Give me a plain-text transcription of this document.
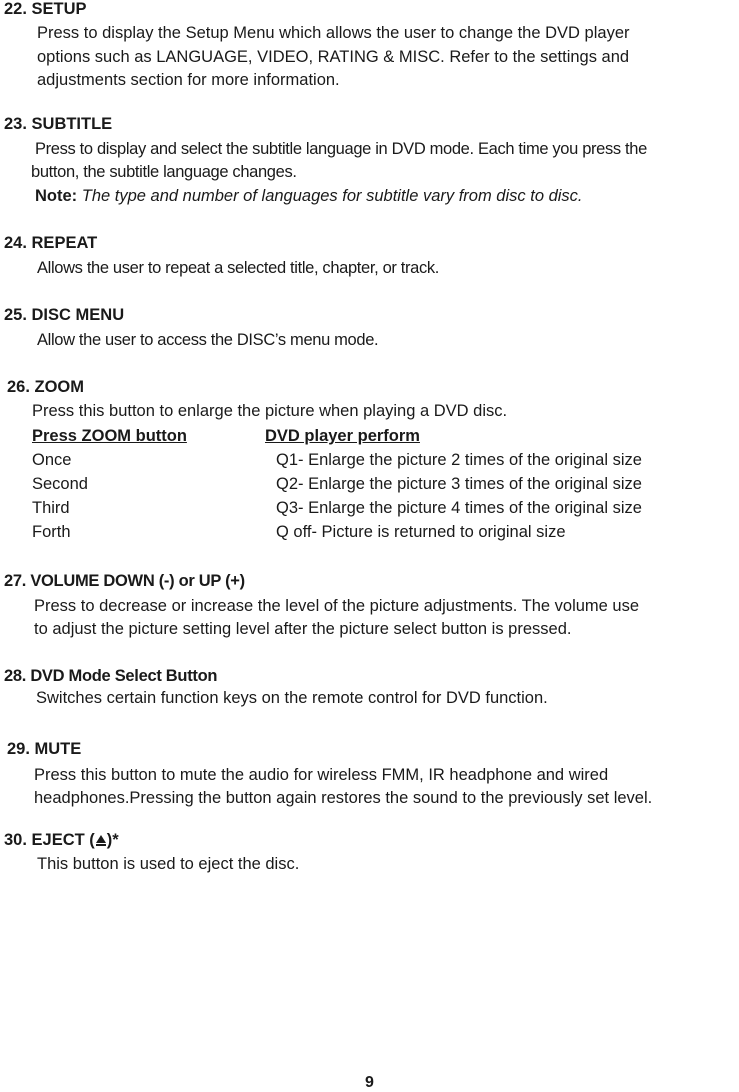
22. SETUP
Press to display the Setup Menu which allows the user to change the DVD player
options such as LANGUAGE, VIDEO, RATING & MISC. Refer to the settings and
adjustments section for more information.
23. SUBTITLE
Press to display and select the subtitle language in DVD mode. Each time you press the
button, the subtitle language changes.
Note: The type and number of languages for subtitle vary from disc to disc.
24. REPEAT
Allows the user to repeat a selected title, chapter, or track.
25. DISC MENU
Allow the user to access the DISC’s menu mode.
26. ZOOM
Press this button to enlarge the picture when playing a DVD disc.
Press ZOOM button	DVD player perform
Once	Q1- Enlarge the picture 2 times of the original size
Second	Q2- Enlarge the picture 3 times of the original size
Third	Q3- Enlarge the picture 4 times of the original size
Forth	Q off- Picture is returned to original size
27. VOLUME DOWN (-) or UP (+)
Press to decrease or increase the level of the picture adjustments. The volume use
to adjust the picture setting level after the picture select button is pressed.
28. DVD Mode Select Button
Switches certain function keys on the remote control for DVD function.
29. MUTE
Press this button to mute the audio for wireless FMM, IR headphone and wired
headphones.Pressing the button again restores the sound to the previously set level.
30. EJECT ( )*
This button is used to eject the disc.
9
